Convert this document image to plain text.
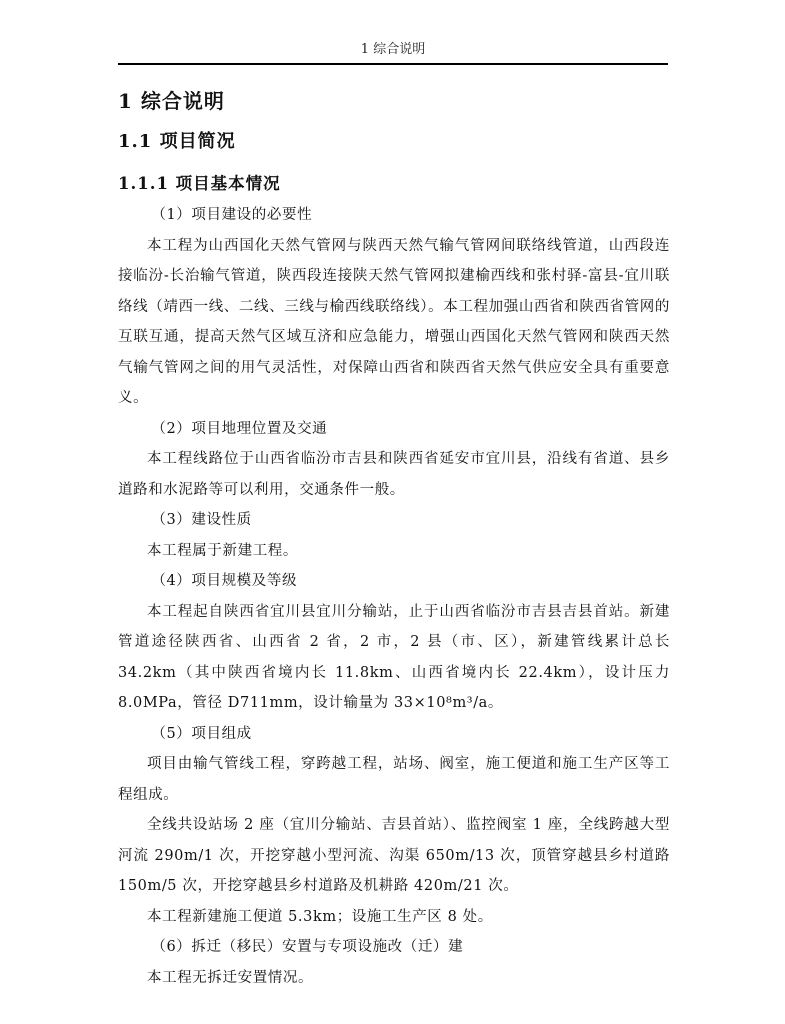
1 综合说明
1 综合说明
1.1 项目简况
1.1.1 项目基本情况

（1）项目建设的必要性

本工程为山西国化天然气管网与陕西天然气输气管网间联络线管道，山西段连接临汾-长治输气管道，陕西段连接陕天然气管网拟建榆西线和张村驿-富县-宜川联络线（靖西一线、二线、三线与榆西线联络线）。本工程加强山西省和陕西省管网的互联互通，提高天然气区域互济和应急能力，增强山西国化天然气管网和陕西天然气输气管网之间的用气灵活性，对保障山西省和陕西省天然气供应安全具有重要意义。

（2）项目地理位置及交通

本工程线路位于山西省临汾市吉县和陕西省延安市宜川县，沿线有省道、县乡道路和水泥路等可以利用，交通条件一般。

（3）建设性质

本工程属于新建工程。

（4）项目规模及等级

本工程起自陕西省宜川县宜川分输站，止于山西省临汾市吉县吉县首站。新建管道途径陕西省、山西省 2 省，2 市，2 县（市、区），新建管线累计总长 34.2km（其中陕西省境内长 11.8km、山西省境内长 22.4km），设计压力 8.0MPa，管径 D711mm，设计输量为 33×10⁸m³/a。

（5）项目组成

项目由输气管线工程，穿跨越工程，站场、阀室，施工便道和施工生产区等工程组成。

全线共设站场 2 座（宜川分输站、吉县首站）、监控阀室 1 座，全线跨越大型河流 290m/1 次，开挖穿越小型河流、沟渠 650m/13 次，顶管穿越县乡村道路 150m/5 次，开挖穿越县乡村道路及机耕路 420m/21 次。

本工程新建施工便道 5.3km；设施工生产区 8 处。

（6）拆迁（移民）安置与专项设施改（迁）建

本工程无拆迁安置情况。
